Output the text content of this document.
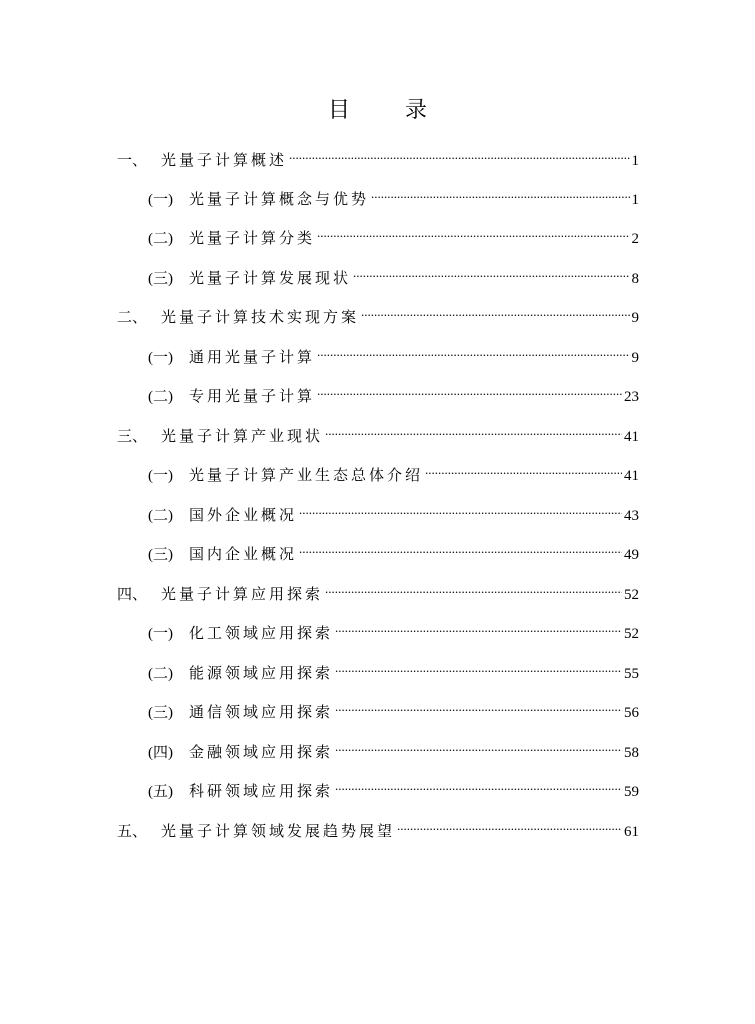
目 录
一、 光量子计算概述 .....	1
(一)	光量子计算概念与优势 .....	1
(二)	光量子计算分类 .....	2
(三)	光量子计算发展现状 .....	8
二、 光量子计算技术实现方案 .....	9
(一)	通用光量子计算 .....	9
(二)	专用光量子计算 .....	23
三、 光量子计算产业现状 .....	41
(一)	光量子计算产业生态总体介绍 .....	41
(二)	国外企业概况 .....	43
(三)	国内企业概况 .....	49
四、 光量子计算应用探索 .....	52
(一)	化工领域应用探索 .....	52
(二)	能源领域应用探索 .....	55
(三)	通信领域应用探索 .....	56
(四)	金融领域应用探索 .....	58
(五)	科研领域应用探索 .....	59
五、 光量子计算领域发展趋势展望 .....	61
